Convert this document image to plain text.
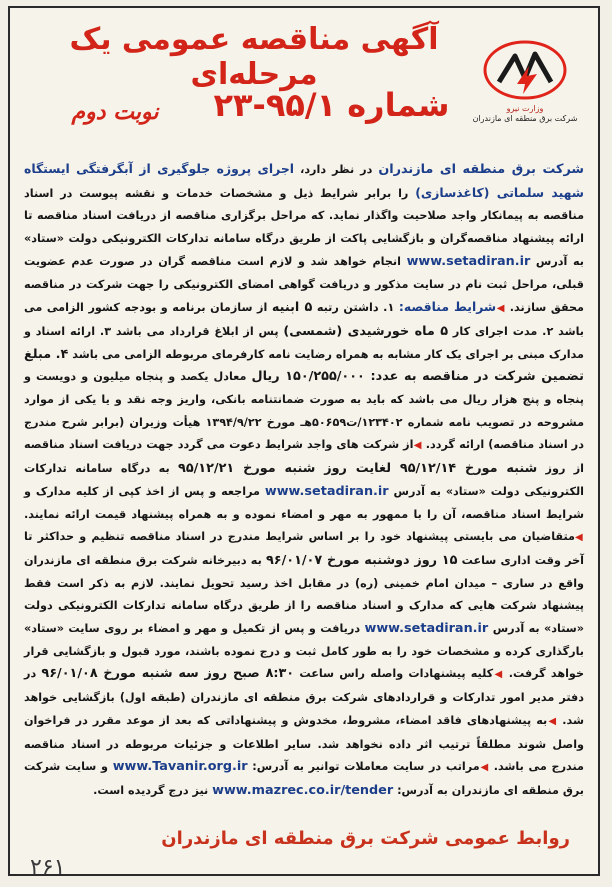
وزارت نیرو
شرکت برق منطقه ای مازندران
آگهی مناقصه عمومی یک مرحله‌ای
شماره ۹۵/۱-۲۳
نوبت دوم
شرکت برق منطقه ای مازندران در نظر دارد، اجرای پروژه جلوگیری از آبگرفتگی ایستگاه شهید سلماتی (کاغذسازی) را برابر شرایط ذیل و مشخصات خدمات و نقشه پیوست در اسناد مناقصه به پیمانکار واجد صلاحیت واگذار نماید. که مراحل برگزاری مناقصه از دریافت اسناد مناقصه تا ارائه پیشنهاد مناقصه‌گران و بازگشایی پاکت از طریق درگاه سامانه تدارکات الکترونیکی دولت «ستاد» به آدرس www.setadiran.ir انجام خواهد شد و لازم است مناقصه گران در صورت عدم عضویت قبلی، مراحل ثبت نام در سایت مذکور و دریافت گواهی امضای الکترونیکی را جهت شرکت در مناقصه محقق سازند. ◀شرایط مناقصه: ۱. داشتن رتبه ۵ ابنیه از سازمان برنامه و بودجه کشور الزامی می باشد ۲. مدت اجرای کار ۵ ماه خورشیدی (شمسی) پس از ابلاغ قرارداد می باشد ۳. ارائه اسناد و مدارک مبنی بر اجرای یک کار مشابه به همراه رضایت نامه کارفرمای مربوطه الزامی می باشد ۴. مبلغ تضمین شرکت در مناقصه به عدد: ۱۵۰/۲۵۵/۰۰۰ ریال معادل یکصد و پنجاه میلیون و دویست و پنجاه و پنج هزار ریال می باشد که باید به صورت ضمانتنامه بانکی، واریز وجه نقد و یا یکی از موارد مشروحه در تصویب نامه شماره ۱۲۳۴۰۲/ت۵۰۶۵۹هـ مورخ ۱۳۹۴/۹/۲۲ هیأت وزیران (برابر شرح مندرج در اسناد مناقصه) ارائه گردد. ◀از شرکت های واجد شرایط دعوت می گردد جهت دریافت اسناد مناقصه از روز شنبه مورخ ۹۵/۱۲/۱۴ لغایت روز شنبه مورخ ۹۵/۱۲/۲۱ به درگاه سامانه تدارکات الکترونیکی دولت «ستاد» به آدرس www.setadiran.ir مراجعه و پس از اخذ کپی از کلیه مدارک و شرایط اسناد مناقصه، آن را با ممهور به مهر و امضاء نموده و به همراه پیشنهاد قیمت ارائه نمایند. ◀متقاضیان می بایستی پیشنهاد خود را بر اساس شرایط مندرج در اسناد مناقصه تنظیم و حداکثر تا آخر وقت اداری ساعت ۱۵ روز دوشنبه مورخ ۹۶/۰۱/۰۷ به دبیرخانه شرکت برق منطقه ای مازندران واقع در ساری – میدان امام خمینی (ره) در مقابل اخذ رسید تحویل نمایند. لازم به ذکر است فقط پیشنهاد شرکت هایی که مدارک و اسناد مناقصه را از طریق درگاه سامانه تدارکات الکترونیکی دولت «ستاد» به آدرس www.setadiran.ir دریافت و پس از تکمیل و مهر و امضاء بر روی سایت «ستاد» بارگذاری کرده و مشخصات خود را به طور کامل ثبت و درج نموده باشند، مورد قبول و بازگشایی قرار خواهد گرفت. ◀کلیه پیشنهادات واصله راس ساعت ۸:۳۰ صبح روز سه شنبه مورخ ۹۶/۰۱/۰۸ در دفتر مدیر امور تدارکات و قراردادهای شرکت برق منطقه ای مازندران (طبقه اول) بازگشایی خواهد شد. ◀به پیشنهادهای فاقد امضاء، مشروط، مخدوش و پیشنهاداتی که بعد از موعد مقرر در فراخوان واصل شوند مطلقاً ترتیب اثر داده نخواهد شد. سایر اطلاعات و جزئیات مربوطه در اسناد مناقصه مندرج می باشد. ◀مراتب در سایت معاملات توانیر به آدرس: www.Tavanir.org.ir و سایت شرکت برق منطقه ای مازندران به آدرس: www.mazrec.co.ir/tender نیز درج گردیده است.
روابط عمومی شرکت برق منطقه ای مازندران
۲۶۱
